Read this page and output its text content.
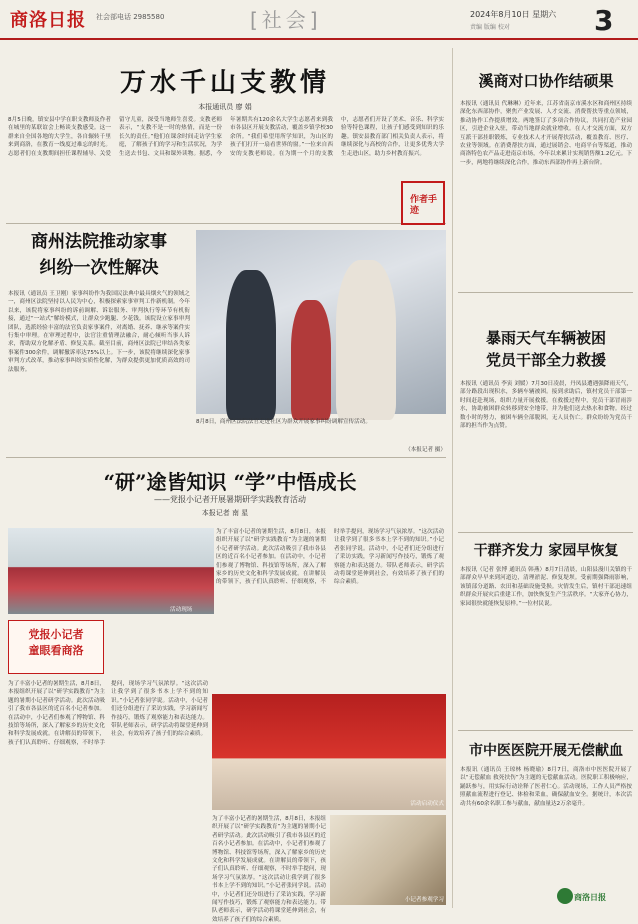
商洛日报 社会部电话 2985580	[社会]	2024年8月10日 星期六
责编 版编 校对	3
万水千山支教情
本报通讯员 廖 娟
8月5日晚，镇安县中学在职支教师及作者在城里的某联谊会上畅谈支教感受。这一群来自全国各地的大学生，各自辗转千里来到商洛，在教育一线度过难忘的时光。志愿者们在支教期间担任课程辅导、关爱留守儿童，深受当地师生喜爱。支教老师表示，“支教不是一时的热情，而是一份长久的责任。”他们在课余时间走访学生家庭，了解孩子们的学习和生活状况，为学生送去书包、文具和课外读物。据悉，今年暑期共有120余名大学生志愿者来到我市各县区开展支教活动，覆盖乡镇学校30余所。“我们希望用所学知识，为山区的孩子们打开一扇看世界的窗。”一位来自西安的支教老师说。在为期一个月的支教中，志愿者们开设了美术、音乐、科学实验等特色课程，让孩子们感受到知识的乐趣。镇安县教育部门相关负责人表示，将继续深化与高校的合作，让更多优秀大学生走进山区，助力乡村教育振兴。
作者手迹
商州法院推动家事
纠纷一次性解决
本报讯（通讯员 王卫刚）家事纠纷作为我国民法典中最具烟火气的领域之一，商州区法院坚持以人民为中心，积极探索家事审判工作新机制。今年以来，该院将家事纠纷的诉前调解、诉讼服务、审判执行等环节有机衔接，通过“一站式”解纷模式，让群众少跑腿、少花钱。该院设立家事审判团队，选派经验丰富的法官负责家事案件，对离婚、抚养、继承等案件实行集中审理。在审理过程中，法官注重情理法融合，耐心倾听当事人诉求，帮助双方化解矛盾、修复关系。截至目前，商州区法院已审结各类家事案件300余件，调解撤诉率达75%以上。下一步，该院将继续深化家事审判方式改革，推动家事纠纷实质性化解，为群众提供更加优质高效的司法服务。
8月8日，商州区法院法官走进社区为群众开展家事纠纷调解宣传活动。
（本报记者 摄）
“研”途皆知识 “学”中悟成长
——党报小记者开展暑期研学实践教育活动
本报记者 南 星
活动现场
为了丰富小记者的暑期生活，8月8日，本报组织开展了以“研学实践教育”为主题的暑期小记者研学活动。此次活动吸引了我市各县区的近百名小记者参加。在活动中，小记者们参观了博物馆、科技馆等场所，深入了解家乡的历史文化和科学发展成就。在讲解员的带领下，孩子们认真聆听、仔细观察，不时举手提问，现场学习气氛浓厚。“这次活动让我学到了很多书本上学不到的知识。”小记者张同学说。活动中，小记者们还分组进行了采访实践，学习新闻写作技巧，锻炼了观察能力和表达能力。带队老师表示，研学活动将课堂延伸到社会，有效培养了孩子们的综合素质。
党报小记者
童眼看商洛
为了丰富小记者的暑期生活，8月8日，本报组织开展了以“研学实践教育”为主题的暑期小记者研学活动。此次活动吸引了我市各县区的近百名小记者参加。在活动中，小记者们参观了博物馆、科技馆等场所，深入了解家乡的历史文化和科学发展成就。在讲解员的带领下，孩子们认真聆听、仔细观察，不时举手提问，现场学习气氛浓厚。“这次活动让我学到了很多书本上学不到的知识。”小记者张同学说。活动中，小记者们还分组进行了采访实践，学习新闻写作技巧，锻炼了观察能力和表达能力。带队老师表示，研学活动将课堂延伸到社会，有效培养了孩子们的综合素质。
活动启动仪式
小记者参观学习
为了丰富小记者的暑期生活，8月8日，本报组织开展了以“研学实践教育”为主题的暑期小记者研学活动。此次活动吸引了我市各县区的近百名小记者参加。在活动中，小记者们参观了博物馆、科技馆等场所，深入了解家乡的历史文化和科学发展成就。在讲解员的带领下，孩子们认真聆听、仔细观察，不时举手提问，现场学习气氛浓厚。“这次活动让我学到了很多书本上学不到的知识。”小记者张同学说。活动中，小记者们还分组进行了采访实践，学习新闻写作技巧，锻炼了观察能力和表达能力。带队老师表示，研学活动将课堂延伸到社会，有效培养了孩子们的综合素质。
溪商对口协作结硕果
本报讯（通讯员 代琳琳）近年来，江苏省南京市溪水区和商州区持续深化东西部协作，聚焦产业发展、人才交流、消费帮扶等重点领域，推动协作工作提质增效。两地签订了多项合作协议，共同打造产业园区，引进企业入驻，带动当地群众就业增收。在人才交流方面，双方互派干部挂职锻炼，专业技术人才开展帮扶活动，覆盖教育、医疗、农业等领域。在消费帮扶方面，通过展销会、电商平台等渠道，推动商洛特色农产品走进南京市场，今年以来累计实现销售额1.2亿元。下一步，两地将继续深化合作，推动东西部协作再上新台阶。
暴雨天气车辆被困
党员干部全力救援
本报讯（通讯员 李寅 刘媛）7月30日凌晨，丹凤县遭遇强降雨天气，部分路段出现积水，多辆车辆被困。接到求助后，镇村党员干部第一时间赶赴现场，组织力量开展救援。在救援过程中，党员干部冒雨涉水，协助被困群众转移到安全地带，并为他们送去热水和食物。经过数小时的努力，被困车辆全部脱困，无人员伤亡。群众纷纷为党员干部的担当作为点赞。
干群齐发力 家园早恢复
本报讯（记者 张博 通讯员 韩燕）8月7日清晨，山阳县漫川关镇的干部群众早早来到河道边，清理淤泥、修复堤坝。受前期强降雨影响，该镇部分道路、农田和基础设施受损。灾情发生后，镇村干部迅速组织群众开展灾后重建工作，加快恢复生产生活秩序。“大家齐心协力，家园很快就能恢复原样。”一位村民说。
市中医医院开展无偿献血
本报讯（通讯员 王琼林 杨晓瑜）8月7日，商洛市中医医院开展了以“无偿献血 救死扶伤”为主题的无偿献血活动。医院职工积极响应，踊跃参与，用实际行动诠释了医者仁心。活动现场，工作人员严格按照献血流程进行登记、体检和采血，确保献血安全。据统计，本次活动共有60余名职工参与献血，献血量达2万余毫升。
商洛日报
